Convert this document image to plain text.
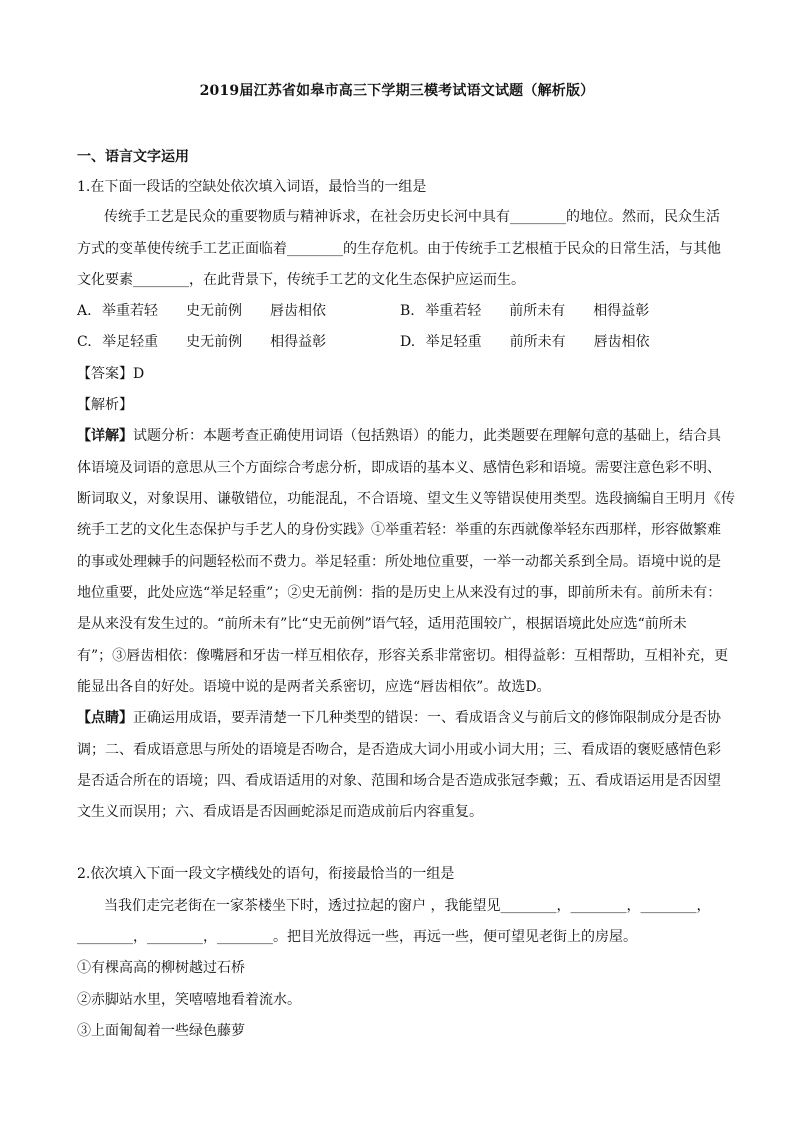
2019届江苏省如皋市高三下学期三模考试语文试题（解析版）
一、语言文字运用
1.在下面一段话的空缺处依次填入词语，最恰当的一组是
传统手工艺是民众的重要物质与精神诉求，在社会历史长河中具有________的地位。然而，民众生活
方式的变革使传统手工艺正面临着________的生存危机。由于传统手工艺根植于民众的日常生活，与其他
文化要素________，在此背景下，传统手工艺的文化生态保护应运而生。
A. 举重若轻 史无前例 唇齿相依	B. 举重若轻 前所未有 相得益彰
C. 举足轻重 史无前例 相得益彰	D. 举足轻重 前所未有 唇齿相依
【答案】D
【解析】
【详解】试题分析：本题考查正确使用词语（包括熟语）的能力，此类题要在理解句意的基础上，结合具
体语境及词语的意思从三个方面综合考虑分析，即成语的基本义、感情色彩和语境。需要注意色彩不明、
断词取义，对象误用、谦敬错位，功能混乱，不合语境、望文生义等错误使用类型。选段摘编自王明月《传
统手工艺的文化生态保护与手艺人的身份实践》①举重若轻：举重的东西就像举轻东西那样，形容做繁难
的事或处理棘手的问题轻松而不费力。举足轻重：所处地位重要，一举一动都关系到全局。语境中说的是
地位重要，此处应选“举足轻重”；②史无前例：指的是历史上从来没有过的事，即前所未有。前所未有：
是从来没有发生过的。“前所未有”比“史无前例”语气轻，适用范围较广，根据语境此处应选“前所未
有”；③唇齿相依：像嘴唇和牙齿一样互相依存，形容关系非常密切。相得益彰：互相帮助，互相补充，更
能显出各自的好处。语境中说的是两者关系密切，应选“唇齿相依”。故选D。
【点睛】正确运用成语，要弄清楚一下几种类型的错误：一、看成语含义与前后文的修饰限制成分是否协
调；二、看成语意思与所处的语境是否吻合，是否造成大词小用或小词大用；三、看成语的褒贬感情色彩
是否适合所在的语境；四、看成语适用的对象、范围和场合是否造成张冠李戴；五、看成语运用是否因望
文生义而误用；六、看成语是否因画蛇添足而造成前后内容重复。
2.依次填入下面一段文字横线处的语句，衔接最恰当的一组是
当我们走完老街在一家茶楼坐下时，透过拉起的窗户 ，我能望见________，________，________，
________，________，________。把目光放得远一些，再远一些，便可望见老街上的房屋。
①有棵高高的柳树越过石桥
②赤脚站水里，笑嘻嘻地看着流水。
③上面匍匐着一些绿色藤萝
